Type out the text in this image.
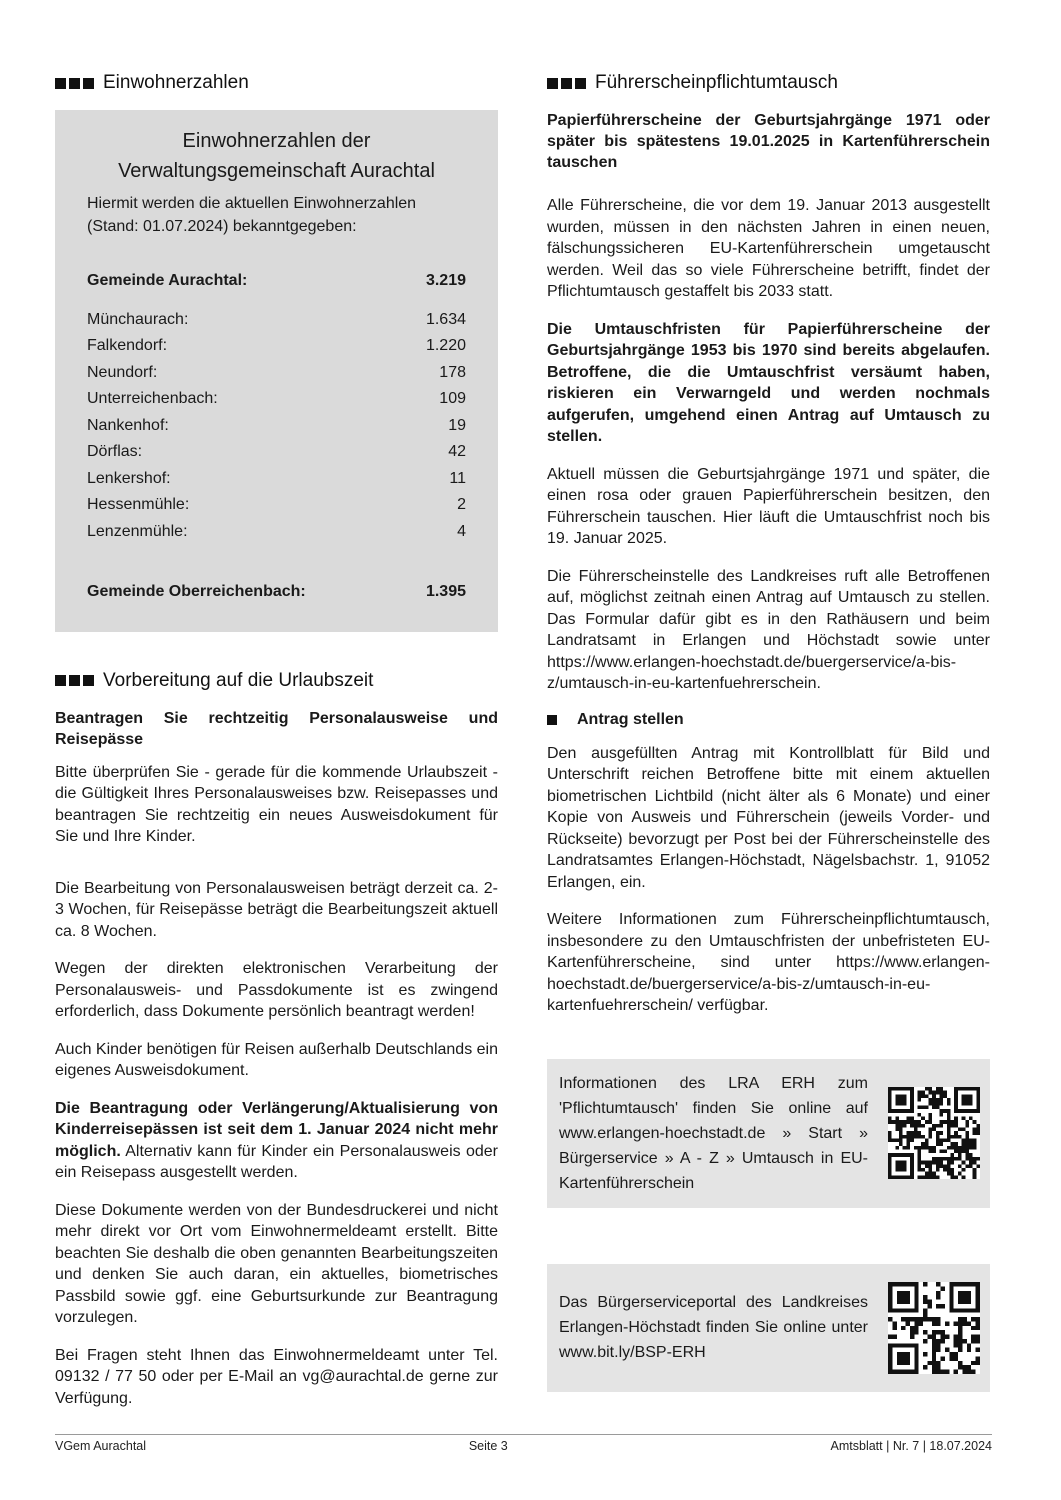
Einwohnerzahlen
Einwohnerzahlen der
Verwaltungsgemeinschaft Aurachtal
Hiermit werden die aktuellen Einwohnerzahlen (Stand: 01.07.2024) bekanntgegeben:
Gemeinde Aurachtal:	3.219
Münchaurach:	1.634
Falkendorf:	1.220
Neundorf:	178
Unterreichenbach:	109
Nankenhof:	19
Dörflas:	42
Lenkershof:	11
Hessenmühle:	2
Lenzenmühle:	4
Gemeinde Oberreichenbach:	1.395
Vorbereitung auf die Urlaubszeit
Beantragen Sie rechtzeitig Personalausweise und Reisepässe

Bitte überprüfen Sie - gerade für die kommende Urlaubszeit - die Gültigkeit Ihres Personalausweises bzw. Reisepasses und beantragen Sie rechtzeitig ein neues Ausweisdokument für Sie und Ihre Kinder.

Die Bearbeitung von Personalausweisen beträgt derzeit ca. 2-3 Wochen, für Reisepässe beträgt die Bearbeitungszeit aktuell ca. 8 Wochen.

Wegen der direkten elektronischen Verarbeitung der Personalausweis- und Passdokumente ist es zwingend erforderlich, dass Dokumente persönlich beantragt werden!

Auch Kinder benötigen für Reisen außerhalb Deutschlands ein eigenes Ausweisdokument.

Die Beantragung oder Verlängerung/Aktualisierung von Kinderreisepässen ist seit dem 1. Januar 2024 nicht mehr möglich. Alternativ kann für Kinder ein Personalausweis oder ein Reisepass ausgestellt werden.

Diese Dokumente werden von der Bundesdruckerei und nicht mehr direkt vor Ort vom Einwohnermeldeamt erstellt. Bitte beachten Sie deshalb die oben genannten Bearbeitungszeiten und denken Sie auch daran, ein aktuelles, biometrisches Passbild sowie ggf. eine Geburtsurkunde zur Beantragung vorzulegen.

Bei Fragen steht Ihnen das Einwohnermeldeamt unter Tel. 09132 / 77 50 oder per E-Mail an vg@aurachtal.de gerne zur Verfügung.

Führerscheinpflichtumtausch
Papierführerscheine der Geburtsjahrgänge 1971 oder später bis spätestens 19.01.2025 in Kartenführerschein tauschen

Alle Führerscheine, die vor dem 19. Januar 2013 ausgestellt wurden, müssen in den nächsten Jahren in einen neuen, fälschungssicheren EU-Kartenführerschein umgetauscht werden. Weil das so viele Führerscheine betrifft, findet der Pflichtumtausch gestaffelt bis 2033 statt.

Die Umtauschfristen für Papierführerscheine der Geburtsjahrgänge 1953 bis 1970 sind bereits abgelaufen. Betroffene, die die Umtauschfrist versäumt haben, riskieren ein Verwarngeld und werden nochmals aufgerufen, umgehend einen Antrag auf Umtausch zu stellen.

Aktuell müssen die Geburtsjahrgänge 1971 und später, die einen rosa oder grauen Papierführerschein besitzen, den Führerschein tauschen. Hier läuft die Umtauschfrist noch bis 19. Januar 2025.

Die Führerscheinstelle des Landkreises ruft alle Betroffenen auf, möglichst zeitnah einen Antrag auf Umtausch zu stellen. Das Formular dafür gibt es in den Rathäusern und beim Landratsamt in Erlangen und Höchstadt sowie unter https://www.erlangen-hoechstadt.de/buergerservice/a-bis-z/umtausch-in-eu-kartenfuehrerschein.

Antrag stellen

Den ausgefüllten Antrag mit Kontrollblatt für Bild und Unterschrift reichen Betroffene bitte mit einem aktuellen biometrischen Lichtbild (nicht älter als 6 Monate) und einer Kopie von Ausweis und Führerschein (jeweils Vorder- und Rückseite) bevorzugt per Post bei der Führerscheinstelle des Landratsamtes Erlangen-Höchstadt, Nägelsbachstr. 1, 91052 Erlangen, ein.

Weitere Informationen zum Führerscheinpflichtumtausch, insbesondere zu den Umtauschfristen der unbefristeten EU-Kartenführerscheine, sind unter https://www.erlangen-hoechstadt.de/buergerservice/a-bis-z/umtausch-in-eu-kartenfuehrerschein/ verfügbar.

Informationen des LRA ERH zum 'Pflichtumtausch' finden Sie online auf www.erlangen-hoechstadt.de » Start » Bürgerservice » A - Z » Umtausch in EU-Kartenführerschein
Das Bürgerserviceportal des Landkreises Erlangen-Höchstadt finden Sie online unter www.bit.ly/BSP-ERH
VGem Aurachtal	Seite 3	Amtsblatt | Nr. 7 | 18.07.2024
